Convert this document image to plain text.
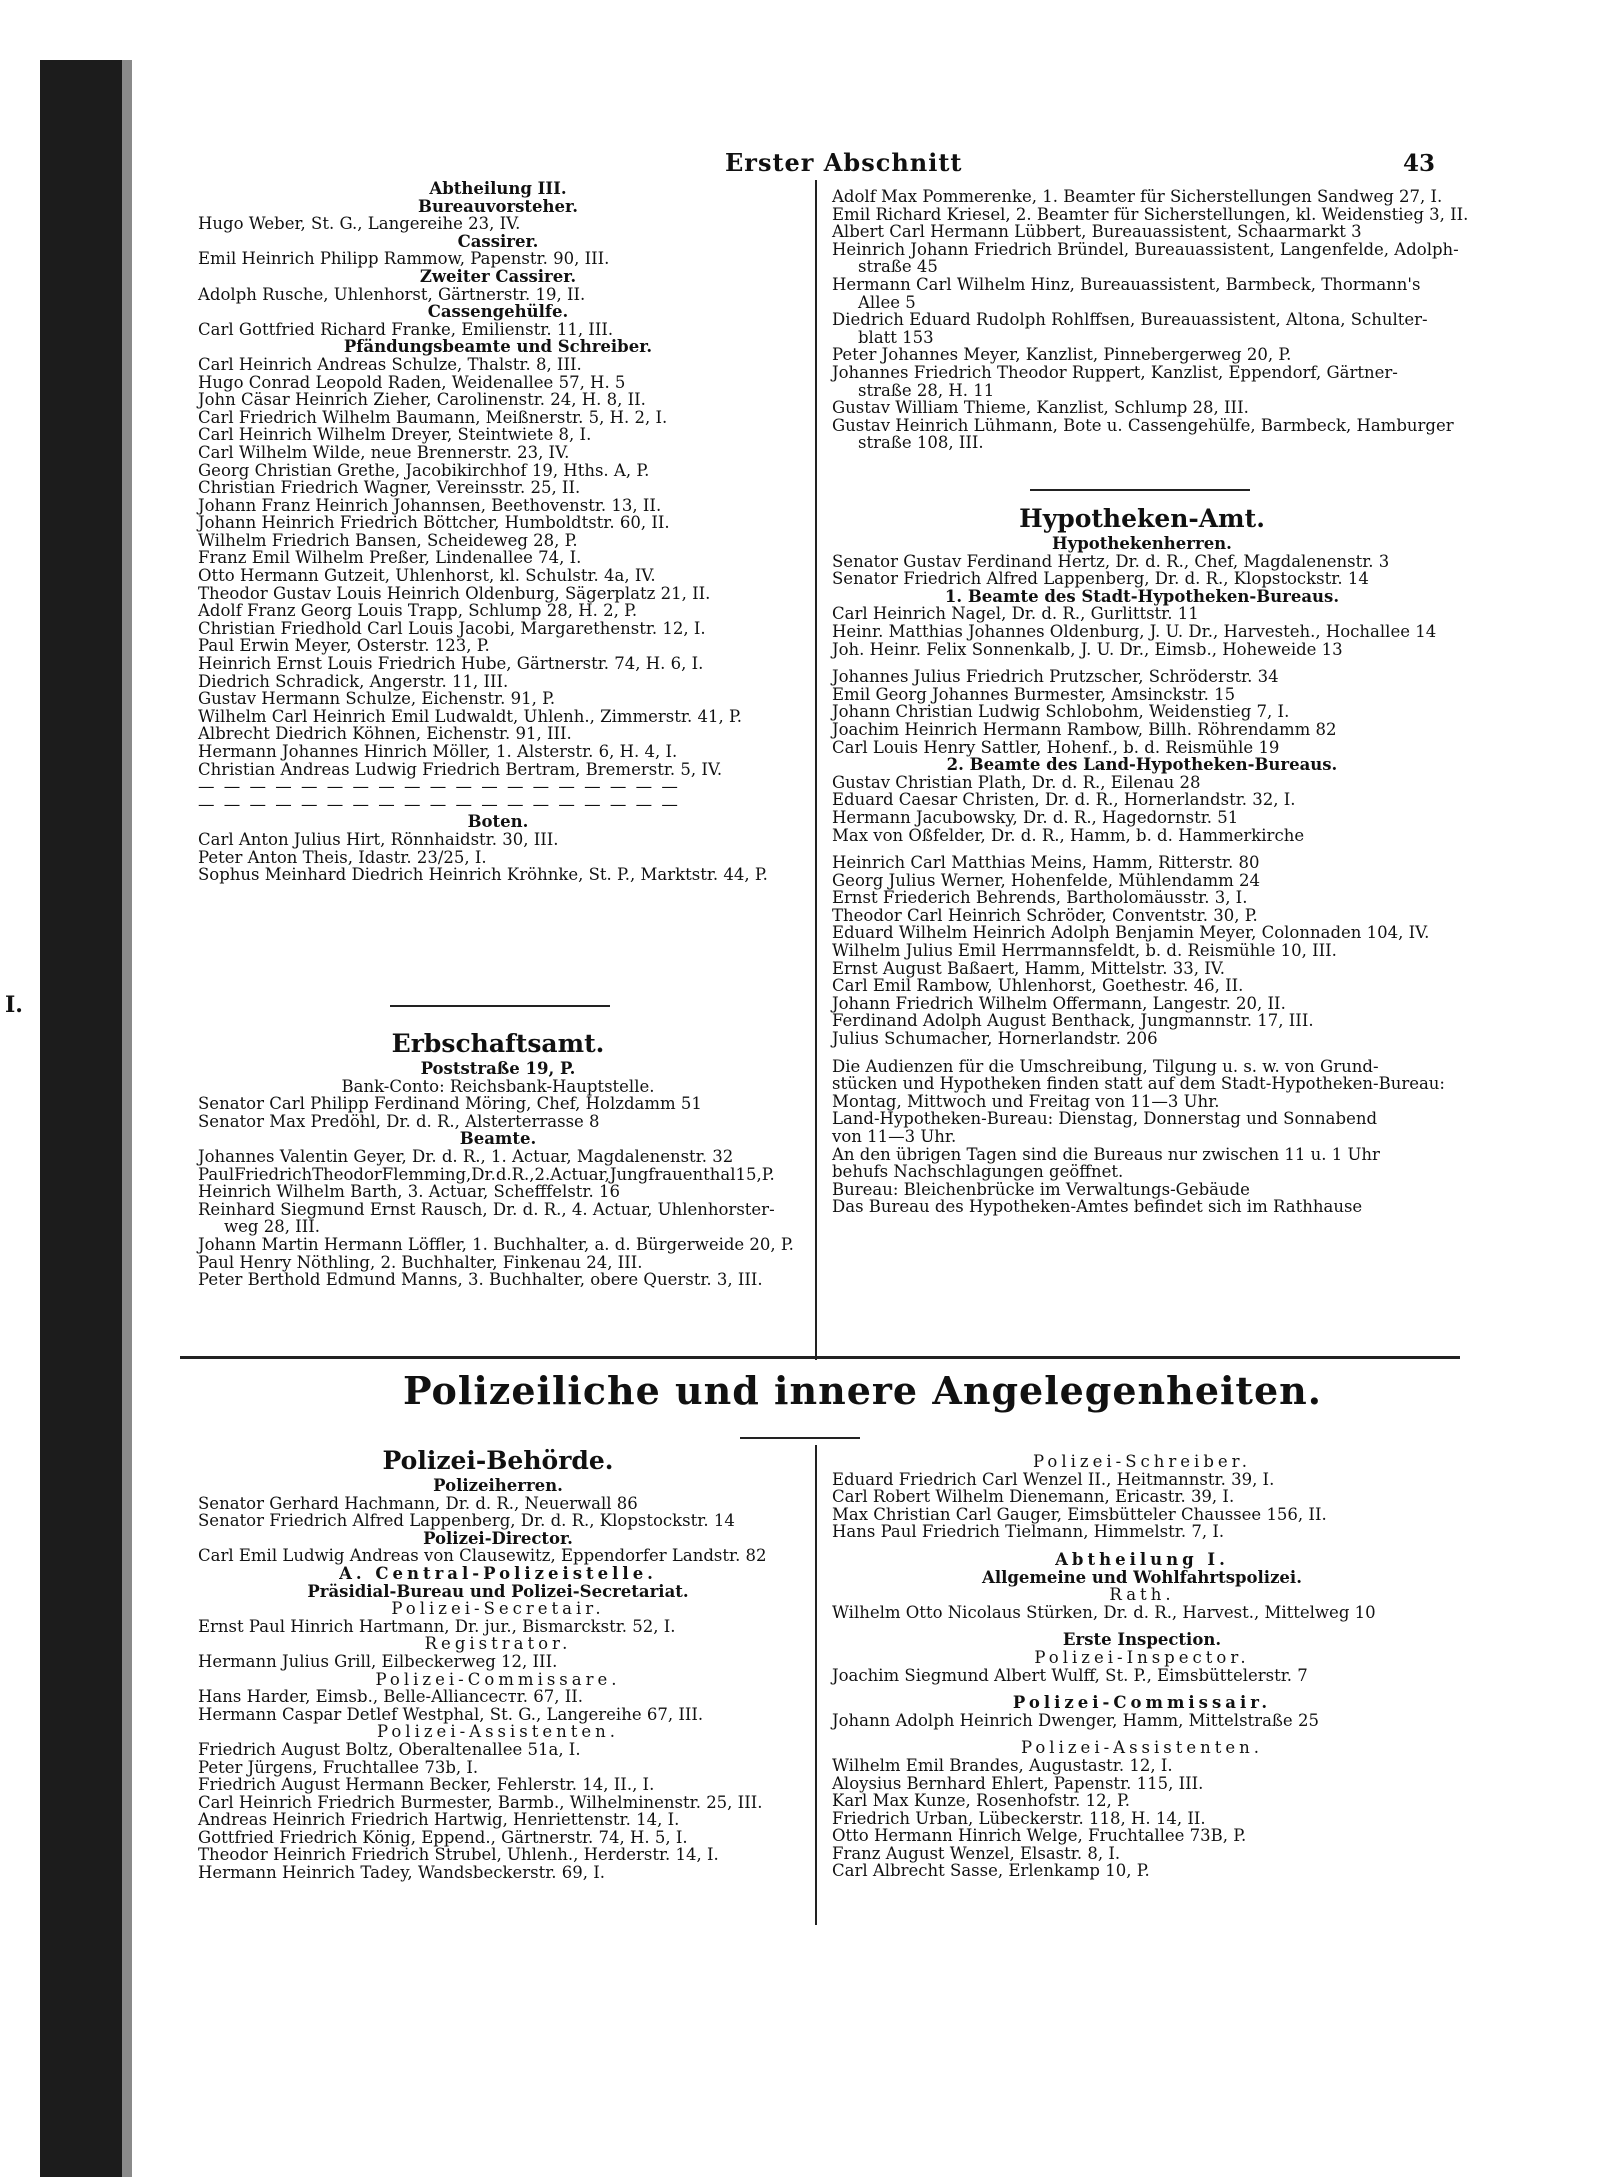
I.
Erster Abschnitt	43
Abtheilung III.
Bureauvorsteher.
Hugo Weber, St. G., Langereihe 23, IV.
Cassirer.
Emil Heinrich Philipp Rammow, Papenstr. 90, III.
Zweiter Cassirer.
Adolph Rusche, Uhlenhorst, Gärtnerstr. 19, II.
Cassengehülfe.
Carl Gottfried Richard Franke, Emilienstr. 11, III.
Pfändungsbeamte und Schreiber.
Carl Heinrich Andreas Schulze, Thalstr. 8, III.
Hugo Conrad Leopold Raden, Weidenallee 57, H. 5
John Cäsar Heinrich Zieher, Carolinenstr. 24, H. 8, II.
Carl Friedrich Wilhelm Baumann, Meißnerstr. 5, H. 2, I.
Carl Heinrich Wilhelm Dreyer, Steintwiete 8, I.
Carl Wilhelm Wilde, neue Brennerstr. 23, IV.
Georg Christian Grethe, Jacobikirchhof 19, Hths. A, P.
Christian Friedrich Wagner, Vereinsstr. 25, II.
Johann Franz Heinrich Johannsen, Beethovenstr. 13, II.
Johann Heinrich Friedrich Böttcher, Humboldtstr. 60, II.
Wilhelm Friedrich Bansen, Scheideweg 28, P.
Franz Emil Wilhelm Preßer, Lindenallee 74, I.
Otto Hermann Gutzeit, Uhlenhorst, kl. Schulstr. 4a, IV.
Theodor Gustav Louis Heinrich Oldenburg, Sägerplatz 21, II.
Adolf Franz Georg Louis Trapp, Schlump 28, H. 2, P.
Christian Friedhold Carl Louis Jacobi, Margarethenstr. 12, I.
Paul Erwin Meyer, Osterstr. 123, P.
Heinrich Ernst Louis Friedrich Hube, Gärtnerstr. 74, H. 6, I.
Diedrich Schradick, Angerstr. 11, III.
Gustav Hermann Schulze, Eichenstr. 91, P.
Wilhelm Carl Heinrich Emil Ludwaldt, Uhlenh., Zimmerstr. 41, P.
Albrecht Diedrich Köhnen, Eichenstr. 91, III.
Hermann Johannes Hinrich Möller, 1. Alsterstr. 6, H. 4, I.
Christian Andreas Ludwig Friedrich Bertram, Bremerstr. 5, IV.
— — — — — — — — — — — — — — — — — — —
— — — — — — — — — — — — — — — — — — —
Boten.
Carl Anton Julius Hirt, Rönnhaidstr. 30, III.
Peter Anton Theis, Idastr. 23/25, I.
Sophus Meinhard Diedrich Heinrich Kröhnke, St. P., Marktstr. 44, P.
Erbschaftsamt.
Poststraße 19, P.
Bank-Conto: Reichsbank-Hauptstelle.
Senator Carl Philipp Ferdinand Möring, Chef, Holzdamm 51
Senator Max Predöhl, Dr. d. R., Alsterterrasse 8
Beamte.
Johannes Valentin Geyer, Dr. d. R., 1. Actuar, Magdalenenstr. 32
PaulFriedrichTheodorFlemming,Dr.d.R.,2.Actuar,Jungfrauenthal15,P.
Heinrich Wilhelm Barth, 3. Actuar, Schefffelstr. 16
Reinhard Siegmund Ernst Rausch, Dr. d. R., 4. Actuar, Uhlenhorster-
weg 28, III.
Johann Martin Hermann Löffler, 1. Buchhalter, a. d. Bürgerweide 20, P.
Paul Henry Nöthling, 2. Buchhalter, Finkenau 24, III.
Peter Berthold Edmund Manns, 3. Buchhalter, obere Querstr. 3, III.
Adolf Max Pommerenke, 1. Beamter für Sicherstellungen Sandweg 27, I.
Emil Richard Kriesel, 2. Beamter für Sicherstellungen, kl. Weidenstieg 3, II.
Albert Carl Hermann Lübbert, Bureauassistent, Schaarmarkt 3
Heinrich Johann Friedrich Bründel, Bureauassistent, Langenfelde, Adolph-
straße 45
Hermann Carl Wilhelm Hinz, Bureauassistent, Barmbeck, Thormann's
Allee 5
Diedrich Eduard Rudolph Rohlffsen, Bureauassistent, Altona, Schulter-
blatt 153
Peter Johannes Meyer, Kanzlist, Pinnebergerweg 20, P.
Johannes Friedrich Theodor Ruppert, Kanzlist, Eppendorf, Gärtner-
straße 28, H. 11
Gustav William Thieme, Kanzlist, Schlump 28, III.
Gustav Heinrich Lühmann, Bote u. Cassengehülfe, Barmbeck, Hamburger
straße 108, III.
Hypotheken-Amt.
Hypothekenherren.
Senator Gustav Ferdinand Hertz, Dr. d. R., Chef, Magdalenenstr. 3
Senator Friedrich Alfred Lappenberg, Dr. d. R., Klopstockstr. 14
1. Beamte des Stadt-Hypotheken-Bureaus.
Carl Heinrich Nagel, Dr. d. R., Gurlittstr. 11
Heinr. Matthias Johannes Oldenburg, J. U. Dr., Harvesteh., Hochallee 14
Joh. Heinr. Felix Sonnenkalb, J. U. Dr., Eimsb., Hoheweide 13
Johannes Julius Friedrich Prutzscher, Schröderstr. 34
Emil Georg Johannes Burmester, Amsinckstr. 15
Johann Christian Ludwig Schlobohm, Weidenstieg 7, I.
Joachim Heinrich Hermann Rambow, Billh. Röhrendamm 82
Carl Louis Henry Sattler, Hohenf., b. d. Reismühle 19
2. Beamte des Land-Hypotheken-Bureaus.
Gustav Christian Plath, Dr. d. R., Eilenau 28
Eduard Caesar Christen, Dr. d. R., Hornerlandstr. 32, I.
Hermann Jacubowsky, Dr. d. R., Hagedornstr. 51
Max von Oßfelder, Dr. d. R., Hamm, b. d. Hammerkirche
Heinrich Carl Matthias Meins, Hamm, Ritterstr. 80
Georg Julius Werner, Hohenfelde, Mühlendamm 24
Ernst Friederich Behrends, Bartholomäusstr. 3, I.
Theodor Carl Heinrich Schröder, Conventstr. 30, P.
Eduard Wilhelm Heinrich Adolph Benjamin Meyer, Colonnaden 104, IV.
Wilhelm Julius Emil Herrmannsfeldt, b. d. Reismühle 10, III.
Ernst August Baßaert, Hamm, Mittelstr. 33, IV.
Carl Emil Rambow, Uhlenhorst, Goethestr. 46, II.
Johann Friedrich Wilhelm Offermann, Langestr. 20, II.
Ferdinand Adolph August Benthack, Jungmannstr. 17, III.
Julius Schumacher, Hornerlandstr. 206
Die Audienzen für die Umschreibung, Tilgung u. s. w. von Grund-
stücken und Hypotheken finden statt auf dem Stadt-Hypotheken-Bureau:
Montag, Mittwoch und Freitag von 11—3 Uhr.
Land-Hypotheken-Bureau: Dienstag, Donnerstag und Sonnabend
von 11—3 Uhr.
An den übrigen Tagen sind die Bureaus nur zwischen 11 u. 1 Uhr
behufs Nachschlagungen geöffnet.
Bureau: Bleichenbrücke im Verwaltungs-Gebäude
Das Bureau des Hypotheken-Amtes befindet sich im Rathhause
Polizeiliche und innere Angelegenheiten.
Polizei-Behörde.
Polizeiherren.
Senator Gerhard Hachmann, Dr. d. R., Neuerwall 86
Senator Friedrich Alfred Lappenberg, Dr. d. R., Klopstockstr. 14
Polizei-Director.
Carl Emil Ludwig Andreas von Clausewitz, Eppendorfer Landstr. 82
A. Central-Polizeistelle.
Präsidial-Bureau und Polizei-Secretariat.
Polizei-Secretair.
Ernst Paul Hinrich Hartmann, Dr. jur., Bismarckstr. 52, I.
Registrator.
Hermann Julius Grill, Eilbeckerweg 12, III.
Polizei-Commissare.
Hans Harder, Eimsb., Belle-Allianceстr. 67, II.
Hermann Caspar Detlef Westphal, St. G., Langereihe 67, III.
Polizei-Assistenten.
Friedrich August Boltz, Oberaltenallee 51a, I.
Peter Jürgens, Fruchtallee 73b, I.
Friedrich August Hermann Becker, Fehlerstr. 14, II., I.
Carl Heinrich Friedrich Burmester, Barmb., Wilhelminenstr. 25, III.
Andreas Heinrich Friedrich Hartwig, Henriettenstr. 14, I.
Gottfried Friedrich König, Eppend., Gärtnerstr. 74, H. 5, I.
Theodor Heinrich Friedrich Strubel, Uhlenh., Herderstr. 14, I.
Hermann Heinrich Tadey, Wandsbeckerstr. 69, I.
Polizei-Schreiber.
Eduard Friedrich Carl Wenzel II., Heitmannstr. 39, I.
Carl Robert Wilhelm Dienemann, Ericastr. 39, I.
Max Christian Carl Gauger, Eimsbütteler Chaussee 156, II.
Hans Paul Friedrich Tielmann, Himmelstr. 7, I.
Abtheilung I.
Allgemeine und Wohlfahrtspolizei.
Rath.
Wilhelm Otto Nicolaus Stürken, Dr. d. R., Harvest., Mittelweg 10
Erste Inspection.
Polizei-Inspector.
Joachim Siegmund Albert Wulff, St. P., Eimsbüttelerstr. 7
Polizei-Commissair.
Johann Adolph Heinrich Dwenger, Hamm, Mittelstraße 25
Polizei-Assistenten.
Wilhelm Emil Brandes, Augustastr. 12, I.
Aloysius Bernhard Ehlert, Papenstr. 115, III.
Karl Max Kunze, Rosenhofstr. 12, P.
Friedrich Urban, Lübeckerstr. 118, H. 14, II.
Otto Hermann Hinrich Welge, Fruchtallee 73B, P.
Franz August Wenzel, Elsastr. 8, I.
Carl Albrecht Sasse, Erlenkamp 10, P.
